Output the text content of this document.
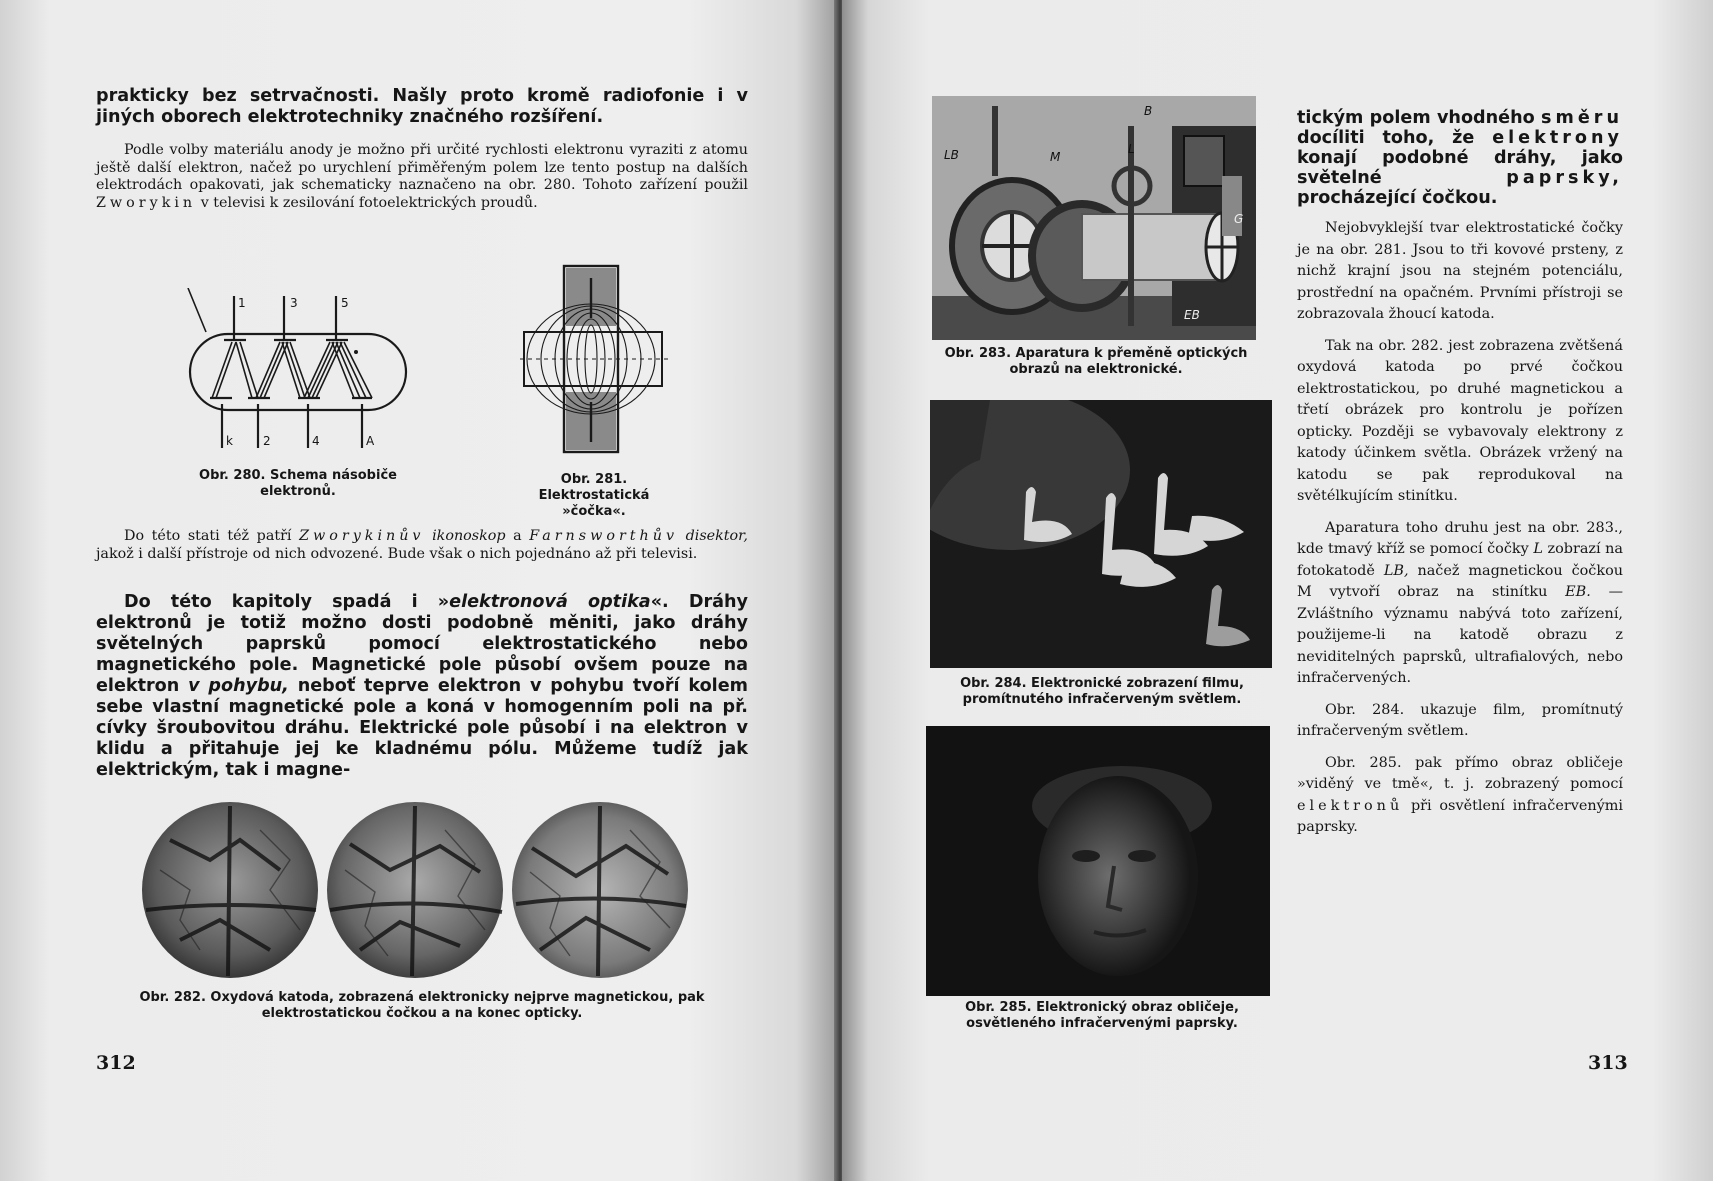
prakticky bez setrvačnosti. Našly proto kromě radiofonie i v jiných oborech elektrotechniky značného rozšíření.

Podle volby materiálu anody je možno při určité rychlosti elektronu vyraziti z atomu ještě další elektron, načež po urychlení přiměřeným polem lze tento postup na dalších elektrodách opakovati, jak schematicky naznačeno na obr. 280. Tohoto zařízení použil Zworykin v televisi k zesilování fotoelektrických proudů.

1	3	5
k	2	4	A
Obr. 280. Schema násobiče elektronů.
Obr. 281. Elektrostatická »čočka«.

Do této stati též patří Zworykinův ikonoskop a Farnsworthův disektor, jakož i další přístroje od nich odvozené. Bude však o nich pojednáno až při televisi.

Do této kapitoly spadá i »elektronová optika«. Dráhy elektronů je totiž možno dosti podobně měniti, jako dráhy světelných paprsků pomocí elektrostatického nebo magnetického pole. Magnetické pole působí ovšem pouze na elektron v pohybu, neboť teprve elektron v pohybu tvoří kolem sebe vlastní magnetické pole a koná v homogenním poli na př. cívky šroubovitou dráhu. Elektrické pole působí i na elektron v klidu a přitahuje jej ke kladnému pólu. Můžeme tudíž jak elektrickým, tak i magne-

Obr. 282. Oxydová katoda, zobrazená elektronicky nejprve magnetickou, pak elektrostatickou čočkou a na konec opticky.
312
LB	M
B
L
G
EB
Obr. 283. Aparatura k přeměně optických obrazů na elektronické.
Obr. 284. Elektronické zobrazení filmu, promítnutého infračerveným světlem.
Obr. 285. Elektronický obraz obličeje, osvětleného infračervenými paprsky.

tickým polem vhodného směru docíliti toho, že elektrony konají podobné dráhy, jako světelné	paprsky, procházející čočkou.

Nejobvyklejší tvar elektrostatické čočky je na obr. 281. Jsou to tři kovové prsteny, z nichž krajní jsou na stejném potenciálu, prostřední na opačném. Prvními přístroji se zobrazovala žhoucí katoda.

Tak na obr. 282. jest zobrazena zvětšená oxydová katoda po prvé čočkou elektrostatickou, po druhé magnetickou a třetí obrázek pro kontrolu je pořízen opticky. Později se vybavovaly elektrony z katody účinkem světla. Obrázek vržený na katodu se pak reprodukoval na světélkujícím stinítku.

Aparatura toho druhu jest na obr. 283., kde tmavý kříž se pomocí čočky L zobrazí na fotokatodě LB, načež magnetickou čočkou M vytvoří obraz na stinítku EB. — Zvláštního významu nabývá toto zařízení, použijeme-li na katodě obrazu z neviditelných paprsků, ultrafialových, nebo infračervených.

Obr. 284. ukazuje film, promítnutý infračerveným světlem.

Obr. 285. pak přímo obraz obličeje »viděný ve tmě«, t. j. zobrazený pomocí elektronů při osvětlení infračervenými paprsky.

313
